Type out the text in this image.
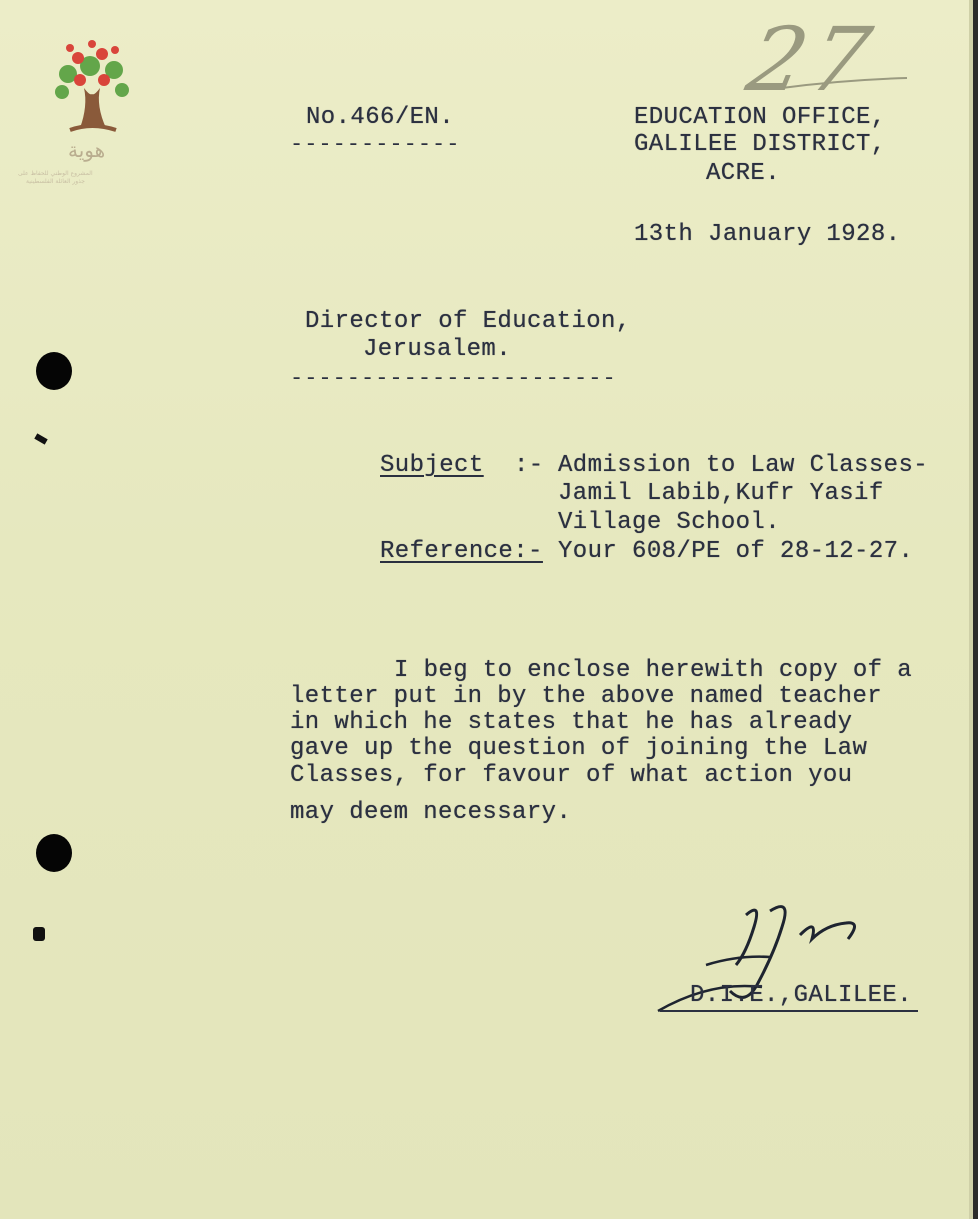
هوية
المشروع الوطني للحفاظ على
جذور العائلة الفلسطينية
27
No.466/EN.
------------
EDUCATION OFFICE,
GALILEE DISTRICT,
ACRE.
13th January 1928.
Director of Education,
Jerusalem.
-----------------------
Subject :- Admission to Law Classes-
Jamil Labib,Kufr Yasif
Village School.
Reference:- Your 608/PE of 28-12-27.
I beg to enclose herewith copy of a
letter put in by the above named teacher
in which he states that he has already
gave up the question of joining the Law
Classes, for favour of what action you
may deem necessary.
D.I.E.,GALILEE.
